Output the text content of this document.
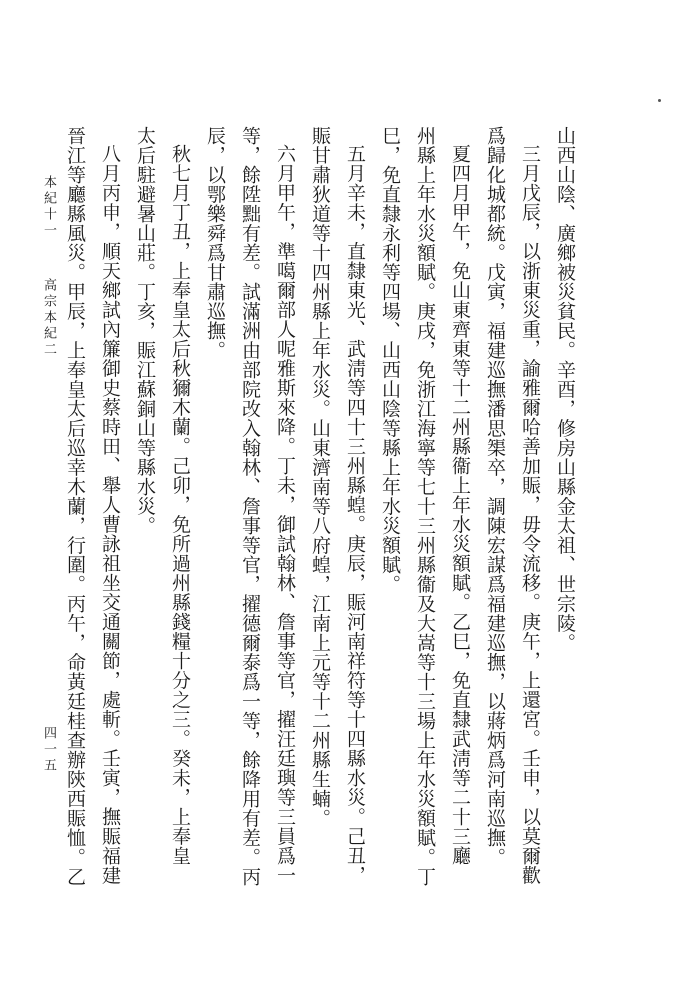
山西山陰、廣鄉被災貧民。辛酉，修房山縣金太祖、世宗陵。
三月戊辰，以浙東災重，諭雅爾哈善加賑，毋令流移。庚午，上還宮。壬申，以莫爾歡
爲歸化城都統。戊寅，福建巡撫潘思榘卒，調陳宏謀爲福建巡撫，以蔣炳爲河南巡撫。
夏四月甲午，免山東齊東等十二州縣衞上年水災額賦。乙巳，免直隸武淸等二十三廳
州縣上年水災額賦。庚戌，免浙江海寧等七十三州縣衞及大嵩等十三場上年水災額賦。丁
巳，免直隸永利等四場、山西山陰等縣上年水災額賦。
五月辛未，直隸東光、武淸等四十三州縣蝗。庚辰，賑河南祥符等十四縣水災。己丑，
賑甘肅狄道等十四州縣上年水災。山東濟南等八府蝗，江南上元等十二州縣生蝻。
六月甲午，準噶爾部人呢雅斯來降。丁未，御試翰林、詹事等官，擢汪廷璵等三員爲一
等，餘陞黜有差。試滿洲由部院改入翰林、詹事等官，擢德爾泰爲一等，餘降用有差。丙
辰，以鄂樂舜爲甘肅巡撫。
秋七月丁丑，上奉皇太后秋獮木蘭。己卯，免所過州縣錢糧十分之三。癸未，上奉皇
太后駐避暑山莊。丁亥，賑江蘇銅山等縣水災。
八月丙申，順天鄉試內簾御史蔡時田、舉人曹詠祖坐交通關節，處斬。壬寅，撫賑福建
晉江等廳縣風災。甲辰，上奉皇太后巡幸木蘭，行圍。丙午，命黃廷桂查辦陝西賑恤。乙
本紀十一
高宗本紀二
四一五
